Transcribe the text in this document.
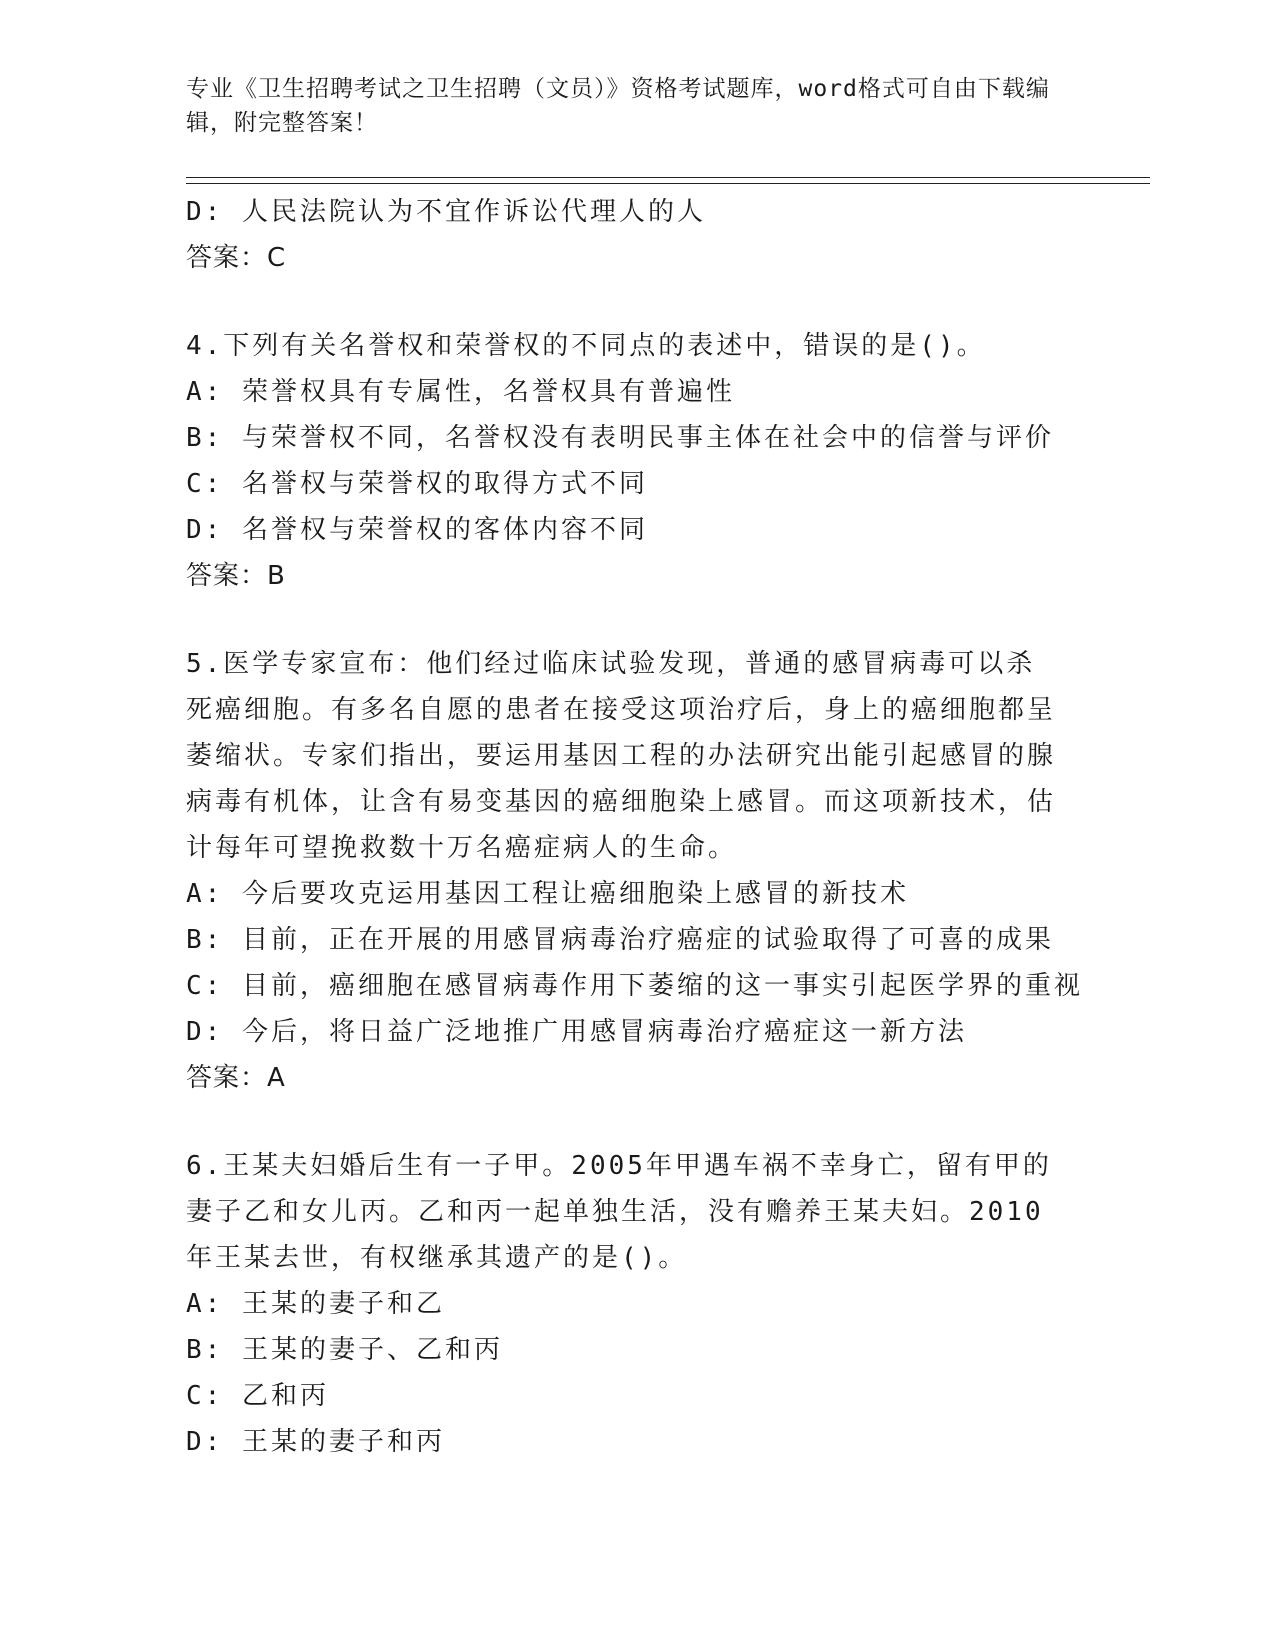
专业《卫生招聘考试之卫生招聘（文员）》资格考试题库，word格式可自由下载编辑，附完整答案！
D: 人民法院认为不宜作诉讼代理人的人
答案：C
4.下列有关名誉权和荣誉权的不同点的表述中，错误的是()。
A: 荣誉权具有专属性，名誉权具有普遍性
B: 与荣誉权不同，名誉权没有表明民事主体在社会中的信誉与评价
C: 名誉权与荣誉权的取得方式不同
D: 名誉权与荣誉权的客体内容不同
答案：B
5.医学专家宣布：他们经过临床试验发现，普通的感冒病毒可以杀死癌细胞。有多名自愿的患者在接受这项治疗后，身上的癌细胞都呈萎缩状。专家们指出，要运用基因工程的办法研究出能引起感冒的腺病毒有机体，让含有易变基因的癌细胞染上感冒。而这项新技术，估计每年可望挽救数十万名癌症病人的生命。
A: 今后要攻克运用基因工程让癌细胞染上感冒的新技术
B: 目前，正在开展的用感冒病毒治疗癌症的试验取得了可喜的成果
C: 目前，癌细胞在感冒病毒作用下萎缩的这一事实引起医学界的重视
D: 今后，将日益广泛地推广用感冒病毒治疗癌症这一新方法
答案：A
6.王某夫妇婚后生有一子甲。2005年甲遇车祸不幸身亡，留有甲的妻子乙和女儿丙。乙和丙一起单独生活，没有赡养王某夫妇。2010年王某去世，有权继承其遗产的是()。
A: 王某的妻子和乙
B: 王某的妻子、乙和丙
C: 乙和丙
D: 王某的妻子和丙
